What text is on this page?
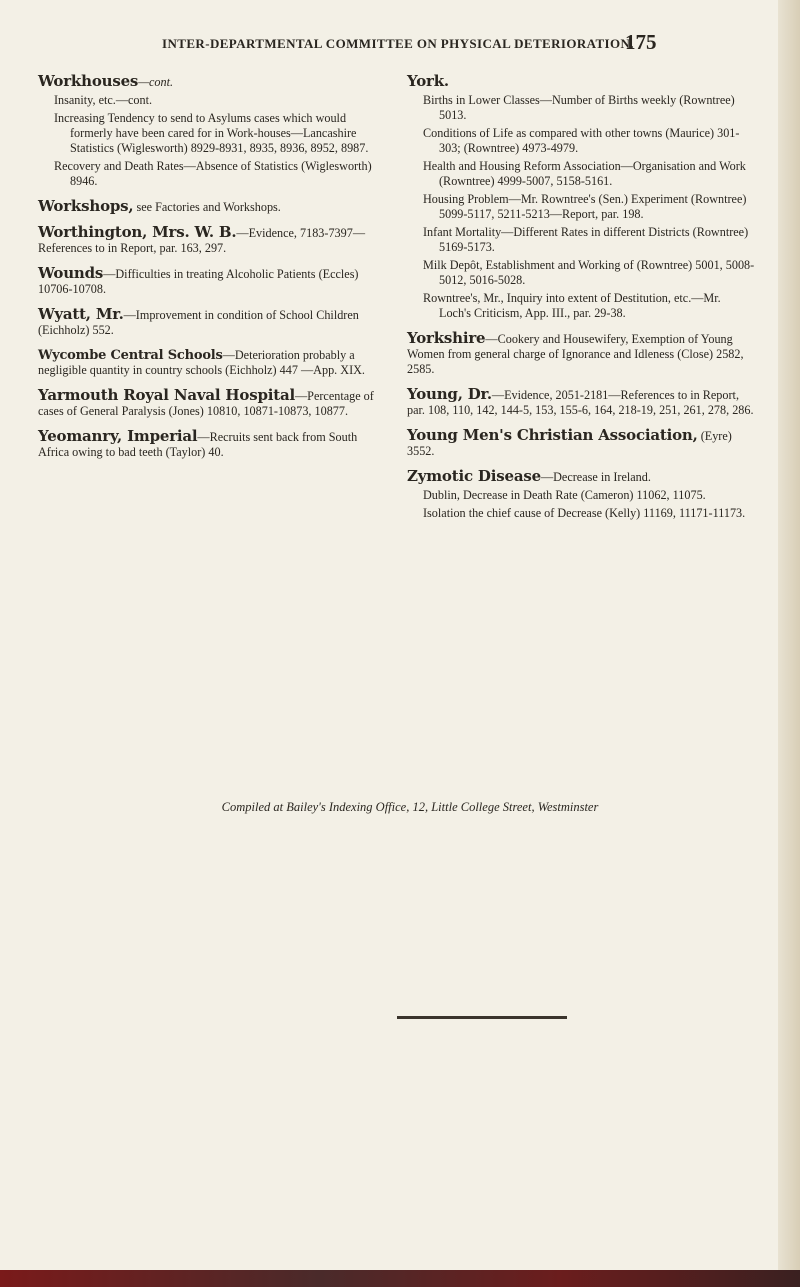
INTER-DEPARTMENTAL COMMITTEE ON PHYSICAL DETERIORATION.
175
Workhouses—cont.
Insanity, etc.—cont.
Increasing Tendency to send to Asylums cases which would formerly have been cared for in Work-houses—Lancashire Statistics (Wiglesworth) 8929-8931, 8935, 8936, 8952, 8987.
Recovery and Death Rates—Absence of Statistics (Wiglesworth) 8946.
Workshops, see Factories and Workshops.
Worthington, Mrs. W. B.—Evidence, 7183-7397—References to in Report, par. 163, 297.
Wounds—Difficulties in treating Alcoholic Patients (Eccles) 10706-10708.
Wyatt, Mr.—Improvement in condition of School Children (Eichholz) 552.
Wycombe Central Schools—Deterioration probably a negligible quantity in country schools (Eichholz) 447 —App. XIX.
Yarmouth Royal Naval Hospital—Percentage of cases of General Paralysis (Jones) 10810, 10871-10873, 10877.
Yeomanry, Imperial—Recruits sent back from South Africa owing to bad teeth (Taylor) 40.
York.
Births in Lower Classes—Number of Births weekly (Rowntree) 5013.
Conditions of Life as compared with other towns (Maurice) 301-303; (Rowntree) 4973-4979.
Health and Housing Reform Association—Organisation and Work (Rowntree) 4999-5007, 5158-5161.
Housing Problem—Mr. Rowntree's (Sen.) Experiment (Rowntree) 5099-5117, 5211-5213—Report, par. 198.
Infant Mortality—Different Rates in different Districts (Rowntree) 5169-5173.
Milk Depôt, Establishment and Working of (Rowntree) 5001, 5008-5012, 5016-5028.
Rowntree's, Mr., Inquiry into extent of Destitution, etc.—Mr. Loch's Criticism, App. III., par. 29-38.
Yorkshire—Cookery and Housewifery, Exemption of Young Women from general charge of Ignorance and Idleness (Close) 2582, 2585.
Young, Dr.—Evidence, 2051-2181—References to in Report, par. 108, 110, 142, 144-5, 153, 155-6, 164, 218-19, 251, 261, 278, 286.
Young Men's Christian Association, (Eyre) 3552.
Zymotic Disease—Decrease in Ireland.
Dublin, Decrease in Death Rate (Cameron) 11062, 11075.
Isolation the chief cause of Decrease (Kelly) 11169, 11171-11173.
Compiled at Bailey's Indexing Office, 12, Little College Street, Westminster
